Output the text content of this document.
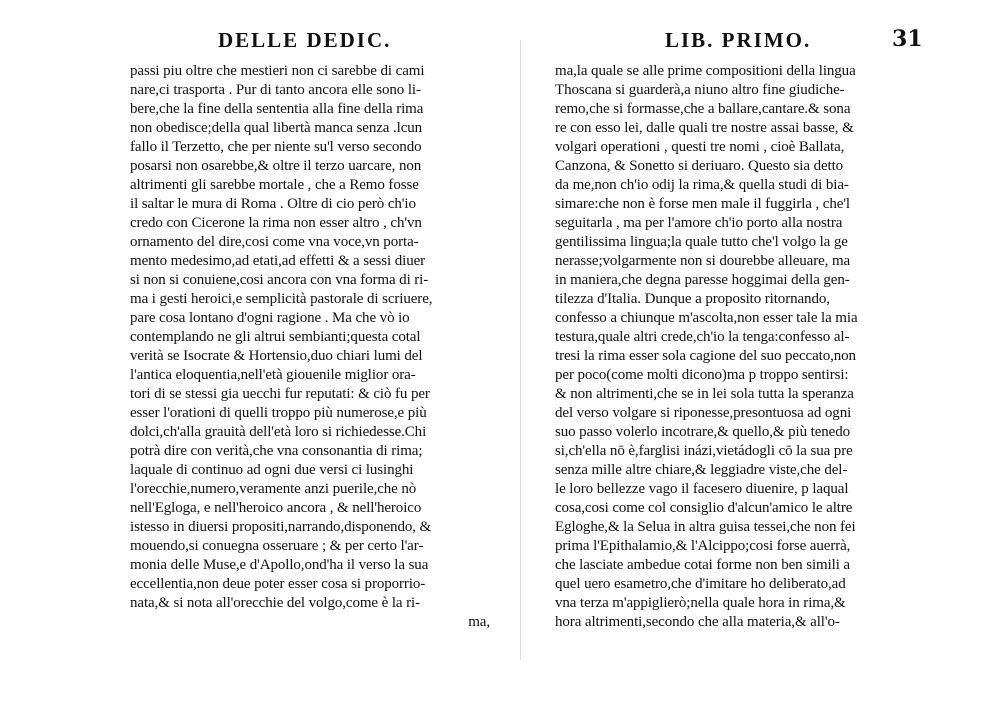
DELLE DEDIC.
passi piu oltre che mestieri non ci sarebbe di cami
nare,ci trasporta . Pur di tanto ancora elle sono li-
bere,che la fine della sententia alla fine della rima
non obedisce;della qual libertà manca senza .lcun
fallo il Terzetto, che per niente su'l verso secondo
posarsi non osarebbe,& oltre il terzo uarcare, non
altrimenti gli sarebbe mortale , che a Remo fosse
il saltar le mura di Roma . Oltre di cio però ch'io
credo con Cicerone la rima non esser altro , ch'vn
ornamento del dire,cosi come vna voce,vn porta-
mento medesimo,ad etati,ad effetti & a sessi diuer
si non si conuiene,cosi ancora con vna forma di ri-
ma i gesti heroici,e semplicità pastorale di scriuere,
pare cosa lontano d'ogni ragione . Ma che vò io
contemplando ne gli altrui sembianti;questa cotal
verità se Isocrate & Hortensio,duo chiari lumi del
l'antica eloquentia,nell'età giouenile miglior ora-
tori di se stessi gia uecchi fur reputati: & ciò fu per
esser l'orationi di quelli troppo più numerose,e più
dolci,ch'alla grauità dell'età loro si richiedesse.Chi
potrà dire con verità,che vna consonantia di rima;
laquale di continuo ad ogni due versi ci lusinghi
l'orecchie,numero,veramente anzi puerile,che nò
nell'Egloga, e nell'heroico ancora , & nell'heroico
istesso in diuersi propositi,narrando,disponendo, &
mouendo,si conuegna osseruare ; & per certo l'ar-
monia delle Muse,e d'Apollo,ond'ha il verso la sua
eccellentia,non deue poter esser cosa si proporrio-
nata,& si nota all'orecchie del volgo,come è la ri-
ma,
LIB. PRIMO.	31
ma,la quale se alle prime compositioni della lingua
Thoscana si guarderà,a niuno altro fine giudiche-
remo,che si formasse,che a ballare,cantare.& sona
re con esso lei, dalle quali tre nostre assai basse, &
volgari operationi , questi tre nomi , cioè Ballata,
Canzona, & Sonetto si deriuaro. Questo sia detto
da me,non ch'io odij la rima,& quella studi di bia-
simare:che non è forse men male il fuggirla , che'l
seguitarla , ma per l'amore ch'io porto alla nostra
gentilissima lingua;la quale tutto che'l volgo la ge
nerasse;volgarmente non si dourebbe alleuare, ma
in maniera,che degna paresse hoggimai della gen-
tilezza d'Italia. Dunque a proposito ritornando,
confesso a chiunque m'ascolta,non esser tale la mia
testura,quale altri crede,ch'io la tenga:confesso al-
tresi la rima esser sola cagione del suo peccato,non
per poco(come molti dicono)ma p troppo sentirsi:
& non altrimenti,che se in lei sola tutta la speranza
del verso volgare si riponesse,presontuosa ad ogni
suo passo volerlo incotrare,& quello,& più tenedo
si,ch'ella nō è,farglisi inázi,vietádogli cō la sua pre
senza mille altre chiare,& leggiadre viste,che del-
le loro bellezze vago il facesero diuenire, p laqual
cosa,cosi come col consiglio d'alcun'amico le altre
Egloghe,& la Selua in altra guisa tessei,che non fei
prima l'Epithalamio,& l'Alcippo;cosi forse auerrà,
che lasciate ambedue cotai forme non ben simili a
quel uero esametro,che d'imitare ho deliberato,ad
vna terza m'appiglierò;nella quale hora in rima,&
hora altrimenti,secondo che alla materia,& all'o-
